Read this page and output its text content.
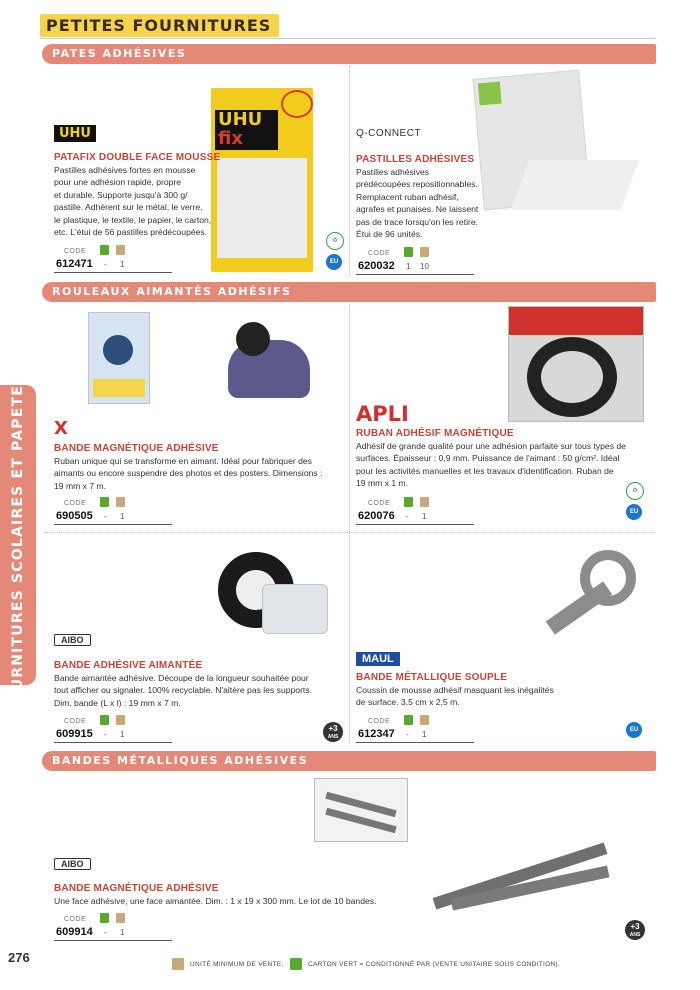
PETITES FOURNITURES
PATES ADHÉSIVES
ROULEAUX AIMANTÉS ADHÉSIFS
BANDES MÉTALLIQUES ADHÉSIVES
FOURNITURES SCOLAIRES ET PAPETERIE
UHU
fix
UHU
PATAFIX DOUBLE FACE MOUSSE
Pastilles adhésives fortes en mousse
pour une adhésion rapide, propre
et durable. Supporte jusqu'à 300 g/
pastille. Adhèrent sur le métal, le verre,
le plastique, le textile, le papier, le carton,
etc. L'étui de 56 pastilles prédécoupées.
CODE
612471 - 1
♻
EU
Q-CONNECT
PASTILLES ADHÉSIVES
Pastilles adhésives
prédécoupées repositionnables.
Remplacent ruban adhésif,
agrafes et punaises. Ne laissent
pas de trace lorsqu'on les retire.
Étui de 96 unités.
CODE
620032 1 10
X
BANDE MAGNÉTIQUE ADHÉSIVE
Ruban unique qui se transforme en aimant. Idéal pour fabriquer des
aimants ou encore suspendre des photos et des posters. Dimensions :
19 mm x 7 m.
CODE
690505 - 1
APLI
RUBAN ADHÉSIF MAGNÉTIQUE
Adhésif de grande qualité pour une adhésion parfaite sur tous types de
surfaces. Épaisseur : 0,9 mm. Puissance de l'aimant : 50 g/cm². Idéal
pour les activités manuelles et les travaux d'identification. Ruban de
19 mm x 1 m.
CODE
620076 - 1
♻
EU
AIBO
BANDE ADHÉSIVE AIMANTÉE
Bande aimantée adhésive. Découpe de la longueur souhaitée pour
tout afficher ou signaler. 100% recyclable. N'altère pas les supports.
Dim. bande (L x l) : 19 mm x 7 m.
CODE
609915 - 1
+3
ANS
MAUL
BANDE MÉTALLIQUE SOUPLE
Coussin de mousse adhésif masquant les inégalités
de surface. 3,5 cm x 2,5 m.
CODE
612347 - 1	EU
AIBO
BANDE MAGNÉTIQUE ADHÉSIVE
Une face adhésive, une face aimantée. Dim. : 1 x 19 x 300 mm. Le lot de 10 bandes.
CODE
609914 - 1
+3
ANS
UNITÉ MINIMUM DE VENTE.	CARTON VERT = CONDITIONNÉ PAR (VENTE UNITAIRE SOUS CONDITION).
276
